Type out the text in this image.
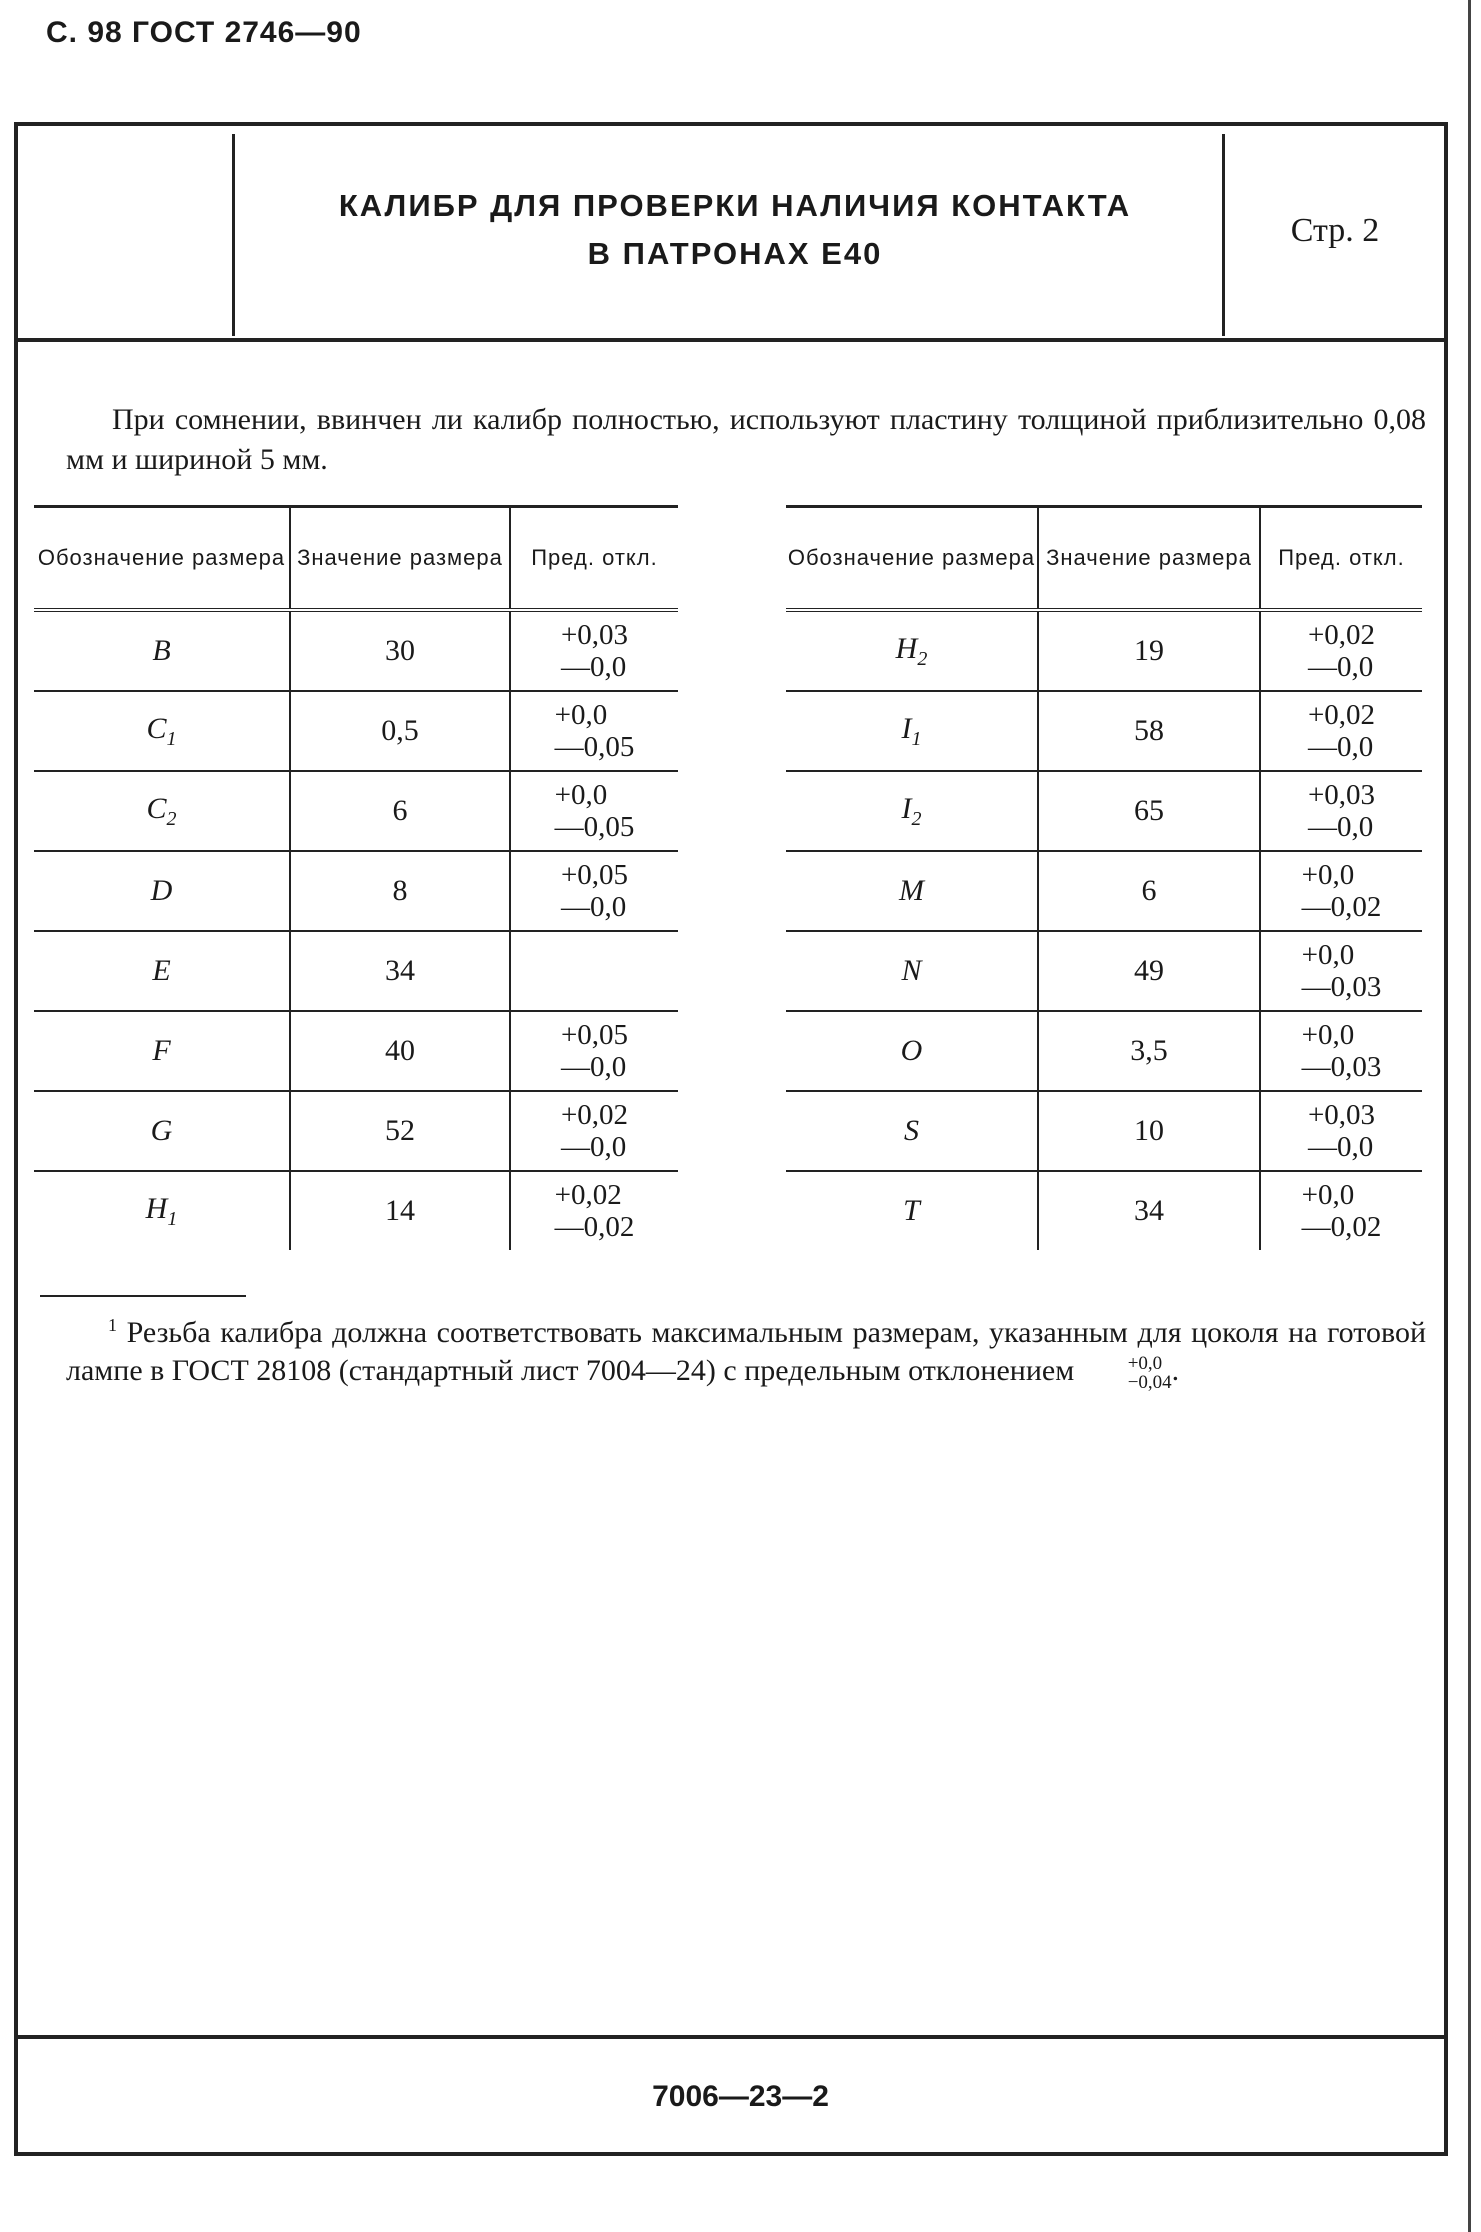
С. 98 ГОСТ 2746—90
КАЛИБР ДЛЯ ПРОВЕРКИ НАЛИЧИЯ КОНТАКТА
В ПАТРОНАХ Е40
Стр. 2
При сомнении, ввинчен ли калибр полностью, используют пластину толщиной приблизительно 0,08 мм и шириной 5 мм.
Обозначение размера	Значение размера	Пред. откл.
B	30	+0,03
—0,0

$C_1$	0,5	+0,0
—0,05

$C_2$	6	+0,0
—0,05

D	8	+0,05
—0,0

E	34	
F	40	+0,05
—0,0

G	52	+0,02
—0,0

$H_1$	14	+0,02
—0,02
Обозначение размера	Значение размера	Пред. откл.
$H_2$	19	+0,02
—0,0

$I_1$	58	+0,02
—0,0

$I_2$	65	+0,03
—0,0

M	6	+0,0
—0,02

N	49	+0,0
—0,03

O	3,5	+0,0
—0,03

S	10	+0,03
—0,0

T	34	+0,0
—0,02
$^1$ Резьба калибра должна соответствовать максимальным размерам, указанным для цоколя на готовой лампе в ГОСТ 28108 (стандартный лист 7004—24) с предельным отклонением	+0,0
−0,04 .
7006—23—2
